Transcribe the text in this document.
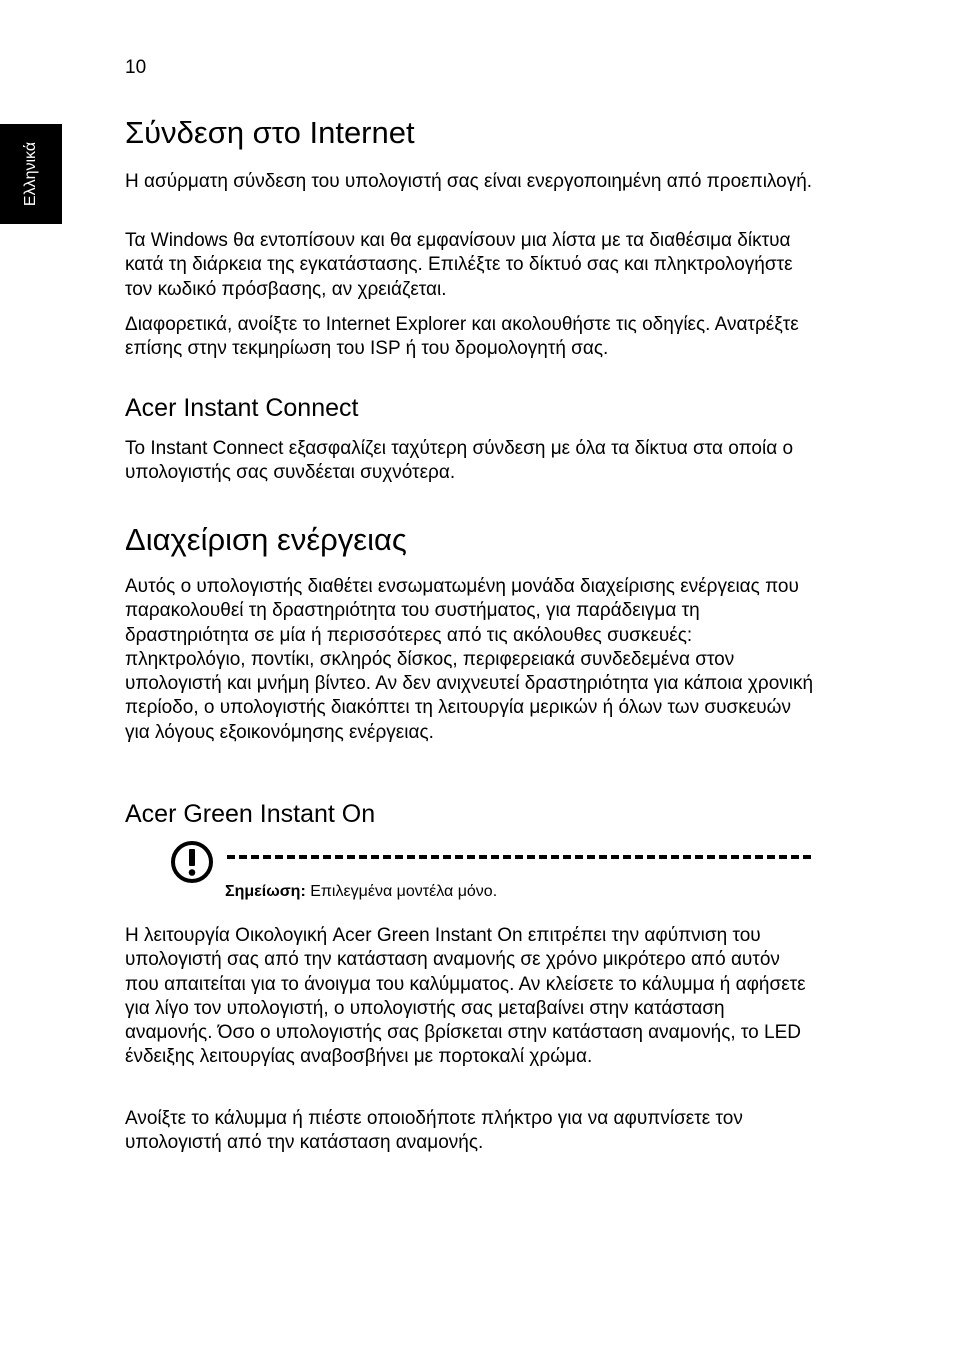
10
Ελληνικά
Σύνδεση στο Internet

Η ασύρματη σύνδεση του υπολογιστή σας είναι ενεργοποιημένη από προεπιλογή.

Τα Windows θα εντοπίσουν και θα εμφανίσουν μια λίστα με τα διαθέσιμα δίκτυα κατά τη διάρκεια της εγκατάστασης. Επιλέξτε το δίκτυό σας και πληκτρολογήστε τον κωδικό πρόσβασης, αν χρειάζεται.

Διαφορετικά, ανοίξτε το Internet Explorer και ακολουθήστε τις οδηγίες. Ανατρέξτε επίσης στην τεκμηρίωση του ISP ή του δρομολογητή σας.

Acer Instant Connect

Το Instant Connect εξασφαλίζει ταχύτερη σύνδεση με όλα τα δίκτυα στα οποία ο υπολογιστής σας συνδέεται συχνότερα.

Διαχείριση ενέργειας

Αυτός ο υπολογιστής διαθέτει ενσωματωμένη μονάδα διαχείρισης ενέργειας που παρακολουθεί τη δραστηριότητα του συστήματος, για παράδειγμα τη δραστηριότητα σε μία ή περισσότερες από τις ακόλουθες συσκευές: πληκτρολόγιο, ποντίκι, σκληρός δίσκος, περιφερειακά συνδεδεμένα στον υπολογιστή και μνήμη βίντεο. Αν δεν ανιχνευτεί δραστηριότητα για κάποια χρονική περίοδο, ο υπολογιστής διακόπτει τη λειτουργία μερικών ή όλων των συσκευών για λόγους εξοικονόμησης ενέργειας.

Acer Green Instant On
Σημείωση: Επιλεγμένα μοντέλα μόνο.

Η λειτουργία Οικολογική Acer Green Instant On επιτρέπει την αφύπνιση του υπολογιστή σας από την κατάσταση αναμονής σε χρόνο μικρότερο από αυτόν που απαιτείται για το άνοιγμα του καλύμματος. Αν κλείσετε το κάλυμμα ή αφήσετε για λίγο τον υπολογιστή, ο υπολογιστής σας μεταβαίνει στην κατάσταση αναμονής. Όσο ο υπολογιστής σας βρίσκεται στην κατάσταση αναμονής, το LED ένδειξης λειτουργίας αναβοσβήνει με πορτοκαλί χρώμα.

Ανοίξτε το κάλυμμα ή πιέστε οποιοδήποτε πλήκτρο για να αφυπνίσετε τον υπολογιστή από την κατάσταση αναμονής.
